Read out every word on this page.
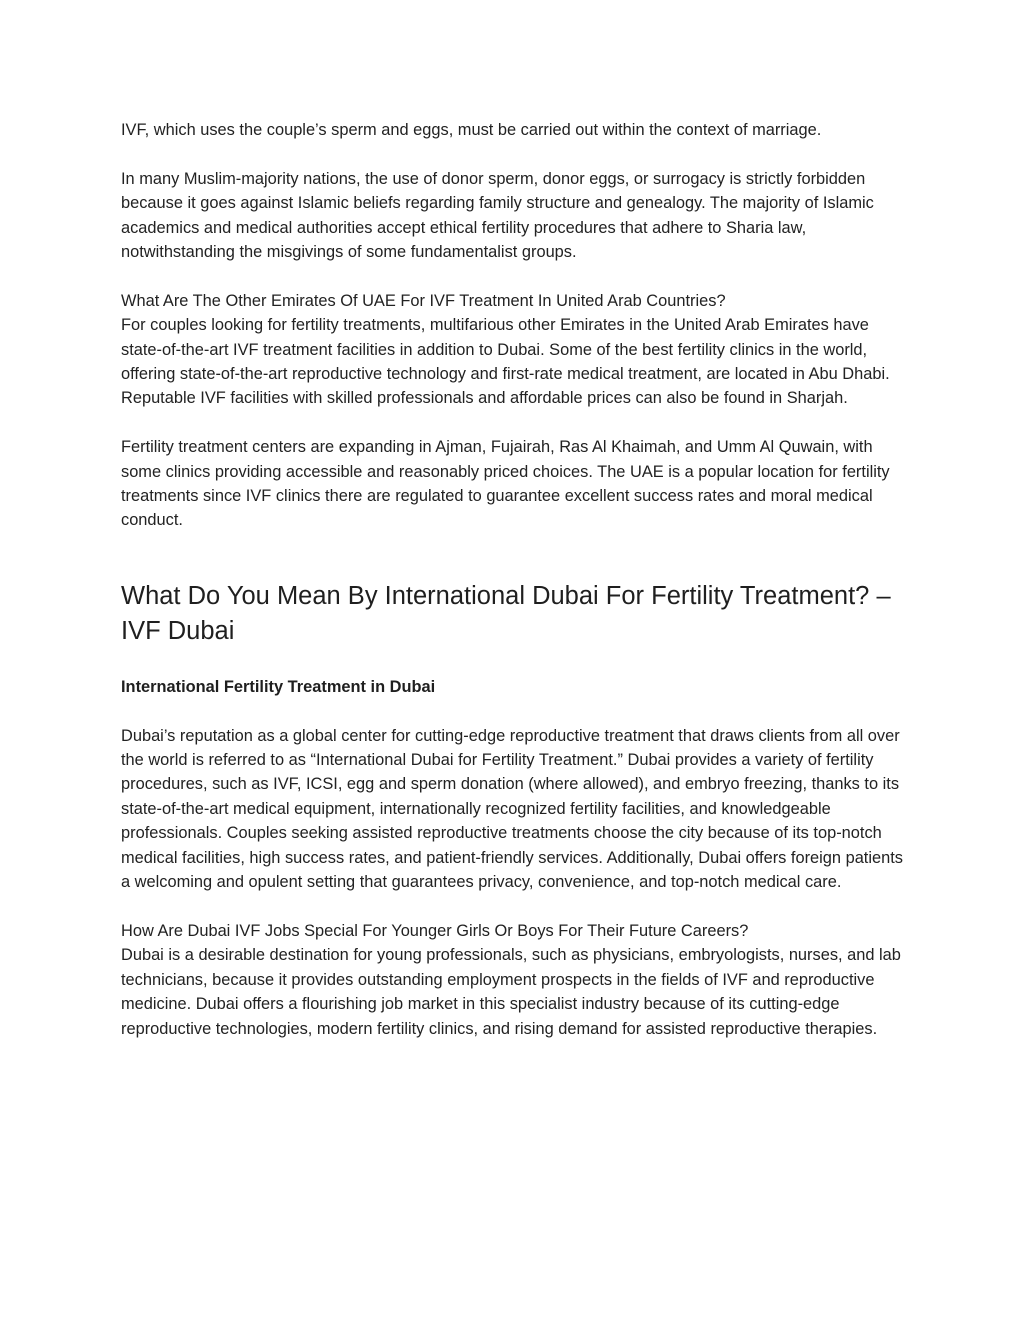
IVF, which uses the couple’s sperm and eggs, must be carried out within the context of marriage.

In many Muslim-majority nations, the use of donor sperm, donor eggs, or surrogacy is strictly forbidden because it goes against Islamic beliefs regarding family structure and genealogy. The majority of Islamic academics and medical authorities accept ethical fertility procedures that adhere to Sharia law, notwithstanding the misgivings of some fundamentalist groups.

What Are The Other Emirates Of UAE For IVF Treatment In United Arab Countries?

For couples looking for fertility treatments, multifarious other Emirates in the United Arab Emirates have state-of-the-art IVF treatment facilities in addition to Dubai. Some of the best fertility clinics in the world, offering state-of-the-art reproductive technology and first-rate medical treatment, are located in Abu Dhabi. Reputable IVF facilities with skilled professionals and affordable prices can also be found in Sharjah.

Fertility treatment centers are expanding in Ajman, Fujairah, Ras Al Khaimah, and Umm Al Quwain, with some clinics providing accessible and reasonably priced choices. The UAE is a popular location for fertility treatments since IVF clinics there are regulated to guarantee excellent success rates and moral medical conduct.

What Do You Mean By International Dubai For Fertility Treatment? – IVF Dubai
International Fertility Treatment in Dubai

Dubai’s reputation as a global center for cutting-edge reproductive treatment that draws clients from all over the world is referred to as “International Dubai for Fertility Treatment.” Dubai provides a variety of fertility procedures, such as IVF, ICSI, egg and sperm donation (where allowed), and embryo freezing, thanks to its state-of-the-art medical equipment, internationally recognized fertility facilities, and knowledgeable professionals. Couples seeking assisted reproductive treatments choose the city because of its top-notch medical facilities, high success rates, and patient-friendly services. Additionally, Dubai offers foreign patients a welcoming and opulent setting that guarantees privacy, convenience, and top-notch medical care.

How Are Dubai IVF Jobs Special For Younger Girls Or Boys For Their Future Careers?

Dubai is a desirable destination for young professionals, such as physicians, embryologists, nurses, and lab technicians, because it provides outstanding employment prospects in the fields of IVF and reproductive medicine. Dubai offers a flourishing job market in this specialist industry because of its cutting-edge reproductive technologies, modern fertility clinics, and rising demand for assisted reproductive therapies.
